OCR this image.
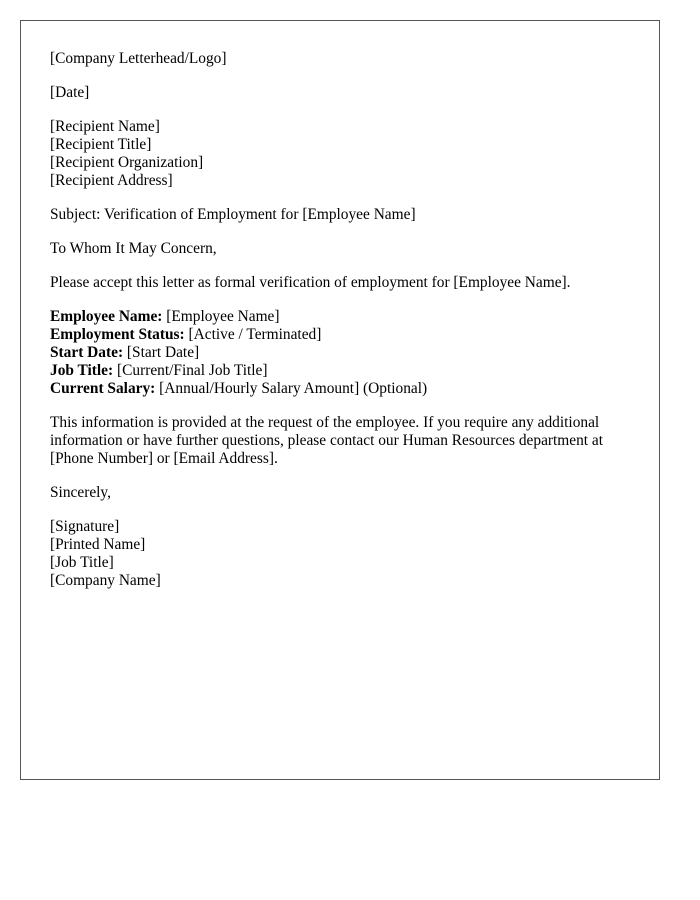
[Company Letterhead/Logo]
[Date]
[Recipient Name]
[Recipient Title]
[Recipient Organization]
[Recipient Address]
Subject: Verification of Employment for [Employee Name]
To Whom It May Concern,
Please accept this letter as formal verification of employment for [Employee Name].
Employee Name: [Employee Name]
Employment Status: [Active / Terminated]
Start Date: [Start Date]
Job Title: [Current/Final Job Title]
Current Salary: [Annual/Hourly Salary Amount] (Optional)
This information is provided at the request of the employee. If you require any additional information or have further questions, please contact our Human Resources department at [Phone Number] or [Email Address].
Sincerely,
[Signature]
[Printed Name]
[Job Title]
[Company Name]
